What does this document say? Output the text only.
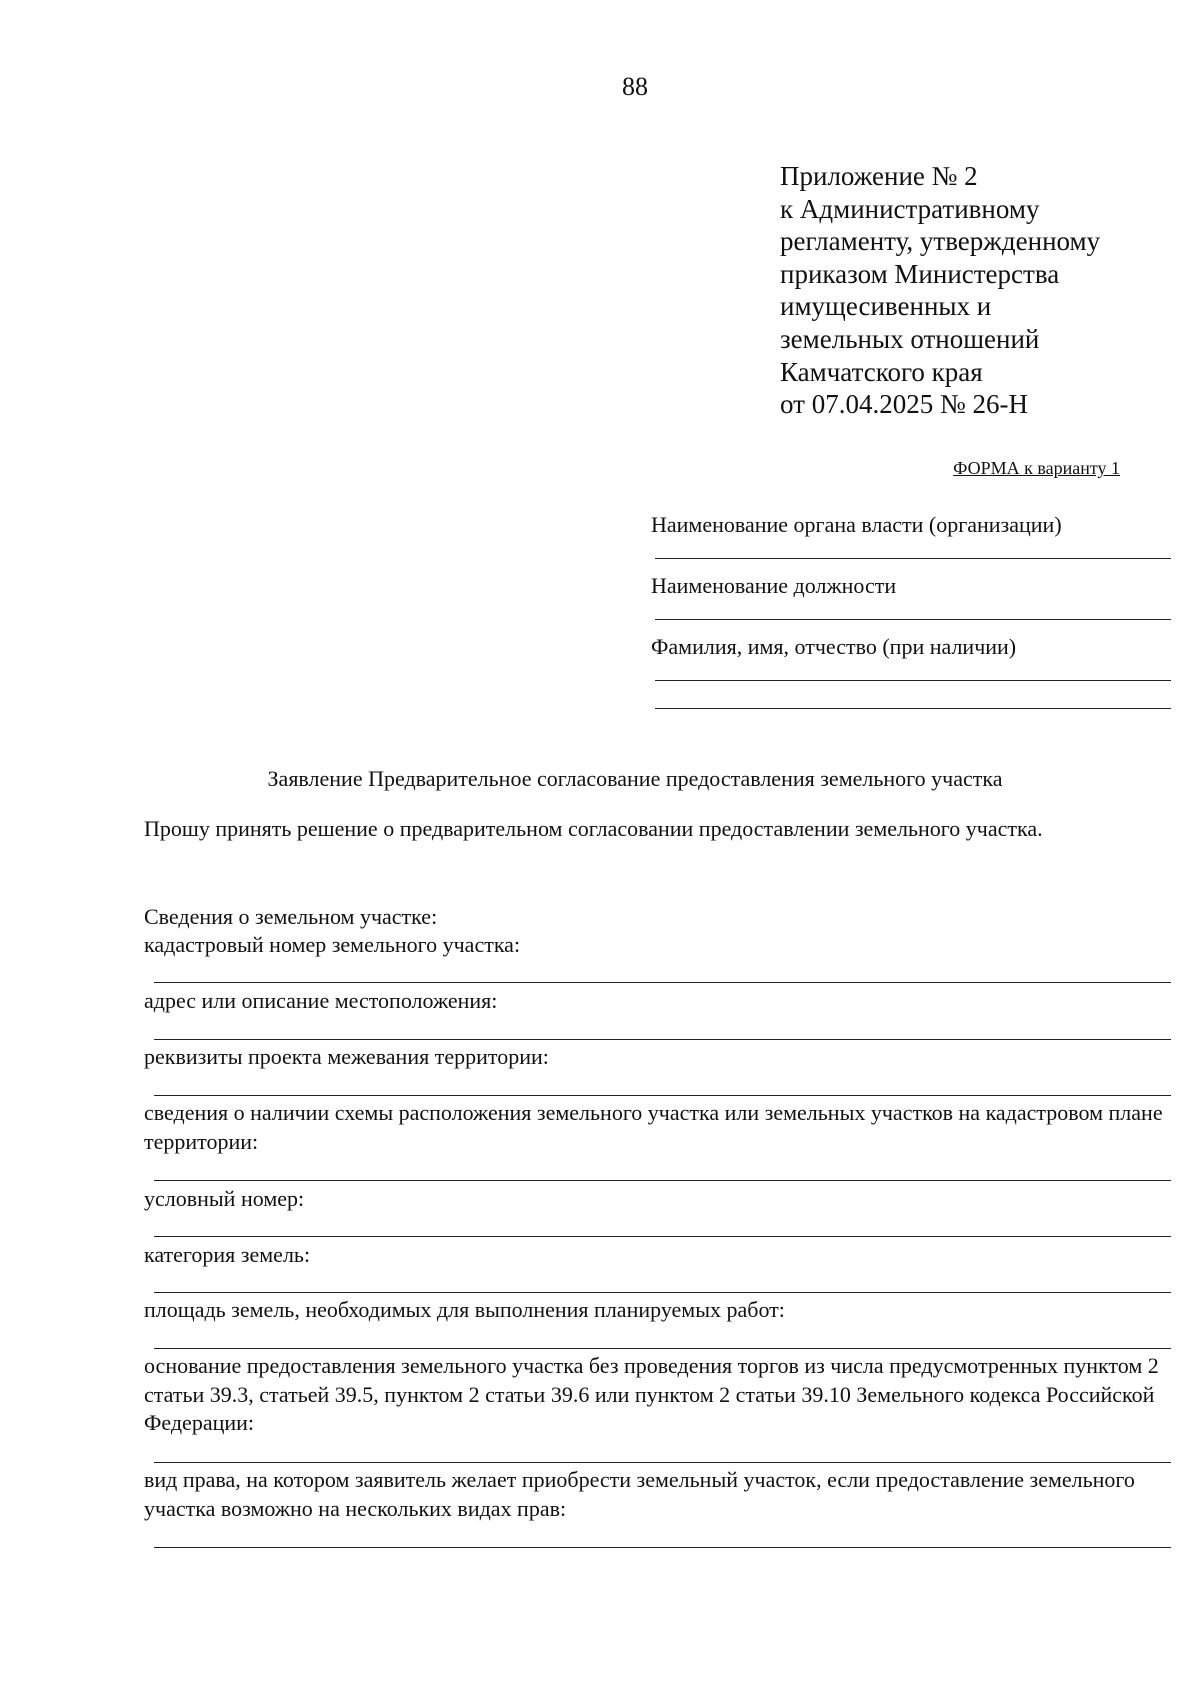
88
Приложение № 2
к Административному
регламенту, утвержденному
приказом Министерства
имущесивенных и
земельных отношений
Камчатского края
от 07.04.2025 № 26-Н
ФОРМА к варианту 1
Наименование органа власти (организации)
Наименование должности
Фамилия, имя, отчество (при наличии)
Заявление Предварительное согласование предоставления земельного участка
Прошу принять решение о предварительном согласовании предоставлении земельного участка.
Сведения о земельном участке:
кадастровый номер земельного участка:
адрес или описание местоположения:
реквизиты проекта межевания территории:
сведения о наличии схемы расположения земельного участка или земельных участков на кадастровом плане территории:
условный номер:
категория земель:
площадь земель, необходимых для выполнения планируемых работ:
основание предоставления земельного участка без проведения торгов из числа предусмотренных пунктом 2 статьи 39.3, статьей 39.5, пунктом 2 статьи 39.6 или пунктом 2 статьи 39.10 Земельного кодекса Российской Федерации:
вид права, на котором заявитель желает приобрести земельный участок, если предоставление земельного участка возможно на нескольких видах прав:
